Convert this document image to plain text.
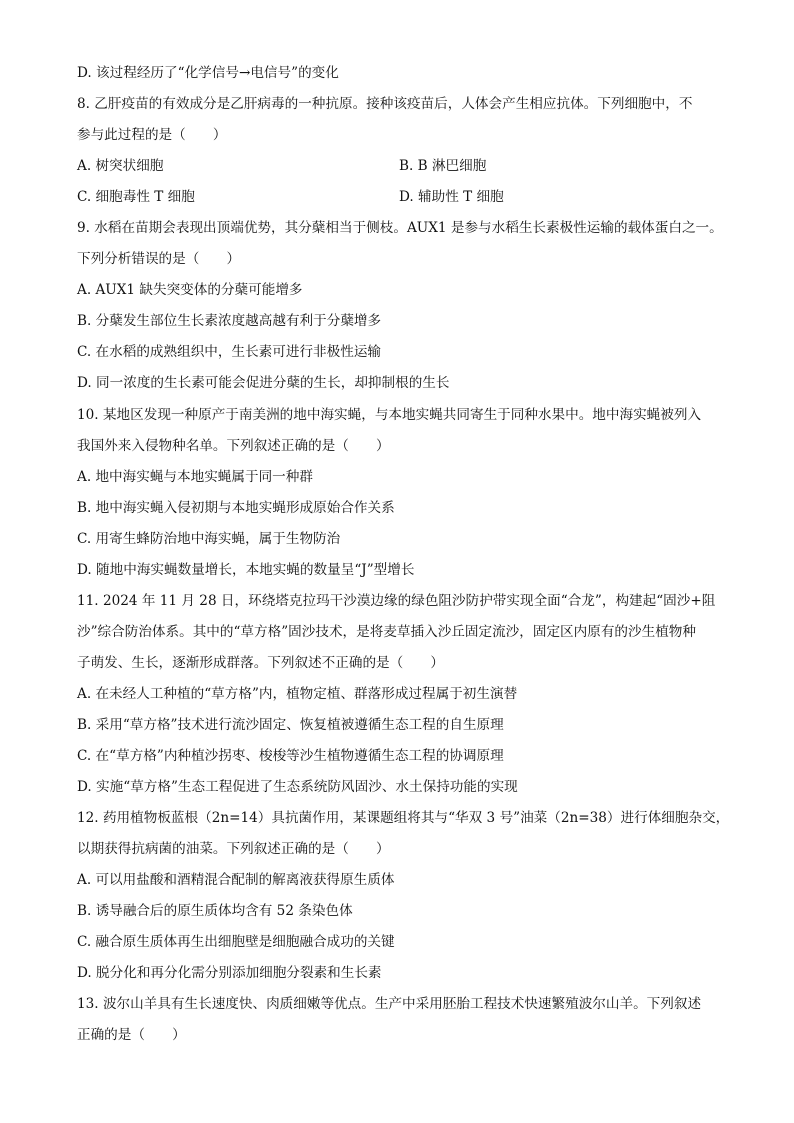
D. 该过程经历了“化学信号→电信号”的变化
8. 乙肝疫苗的有效成分是乙肝病毒的一种抗原。接种该疫苗后，人体会产生相应抗体。下列细胞中，不
参与此过程的是（　　）
A. 树突状细胞	B. B 淋巴细胞
C. 细胞毒性 T 细胞	D. 辅助性 T 细胞
9. 水稻在苗期会表现出顶端优势，其分蘖相当于侧枝。AUX1 是参与水稻生长素极性运输的载体蛋白之一。
下列分析错误的是（　　）
A. AUX1 缺失突变体的分蘖可能增多
B. 分蘖发生部位生长素浓度越高越有利于分蘖增多
C. 在水稻的成熟组织中，生长素可进行非极性运输
D. 同一浓度的生长素可能会促进分蘖的生长，却抑制根的生长
10. 某地区发现一种原产于南美洲的地中海实蝇，与本地实蝇共同寄生于同种水果中。地中海实蝇被列入
我国外来入侵物种名单。下列叙述正确的是（　　）
A. 地中海实蝇与本地实蝇属于同一种群
B. 地中海实蝇入侵初期与本地实蝇形成原始合作关系
C. 用寄生蜂防治地中海实蝇，属于生物防治
D. 随地中海实蝇数量增长，本地实蝇的数量呈“J”型增长
11. 2024 年 11 月 28 日，环绕塔克拉玛干沙漠边缘的绿色阻沙防护带实现全面“合龙”，构建起“固沙+阻
沙”综合防治体系。其中的“草方格”固沙技术，是将麦草插入沙丘固定流沙，固定区内原有的沙生植物种
子萌发、生长，逐渐形成群落。下列叙述不正确的是（　　）
A. 在未经人工种植的“草方格”内，植物定植、群落形成过程属于初生演替
B. 采用“草方格”技术进行流沙固定、恢复植被遵循生态工程的自生原理
C. 在“草方格”内种植沙拐枣、梭梭等沙生植物遵循生态工程的协调原理
D. 实施“草方格”生态工程促进了生态系统防风固沙、水土保持功能的实现
12. 药用植物板蓝根（2n=14）具抗菌作用，某课题组将其与“华双 3 号”油菜（2n=38）进行体细胞杂交，
以期获得抗病菌的油菜。下列叙述正确的是（　　）
A. 可以用盐酸和酒精混合配制的解离液获得原生质体
B. 诱导融合后的原生质体均含有 52 条染色体
C. 融合原生质体再生出细胞壁是细胞融合成功的关键
D. 脱分化和再分化需分别添加细胞分裂素和生长素
13. 波尔山羊具有生长速度快、肉质细嫩等优点。生产中采用胚胎工程技术快速繁殖波尔山羊。下列叙述
正确的是（　　）
